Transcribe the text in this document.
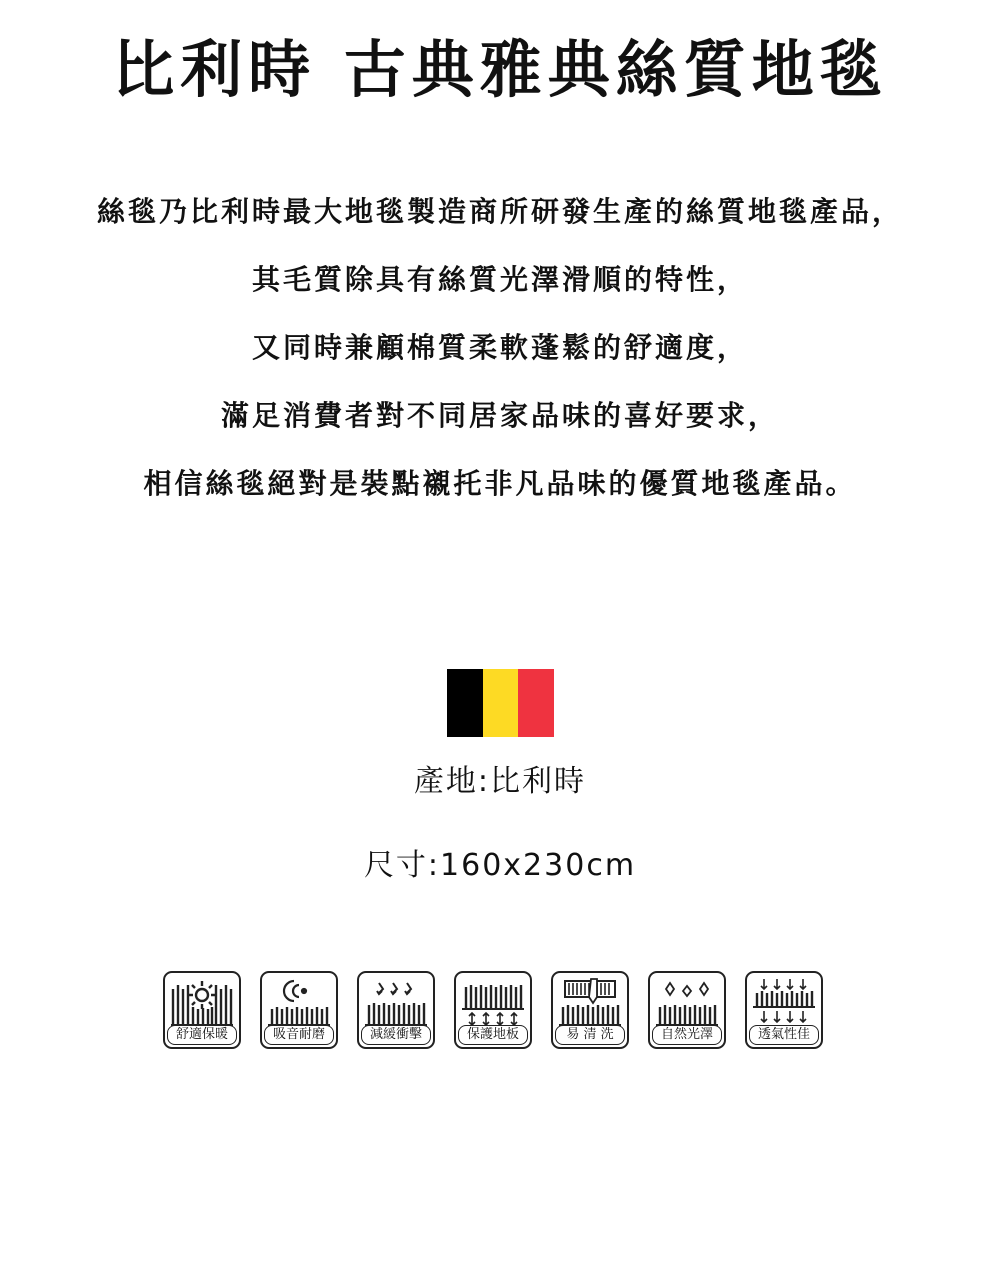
比利時 古典雅典絲質地毯
絲毯乃比利時最大地毯製造商所研發生產的絲質地毯產品，
其毛質除具有絲質光澤滑順的特性，
又同時兼顧棉質柔軟蓬鬆的舒適度，
滿足消費者對不同居家品味的喜好要求，
相信絲毯絕對是裝點襯托非凡品味的優質地毯產品。
產地:比利時
尺寸:160x230cm
舒適保暖	吸音耐磨	減緩衝擊	保護地板	易 清 洗	自然光澤	透氣性佳
